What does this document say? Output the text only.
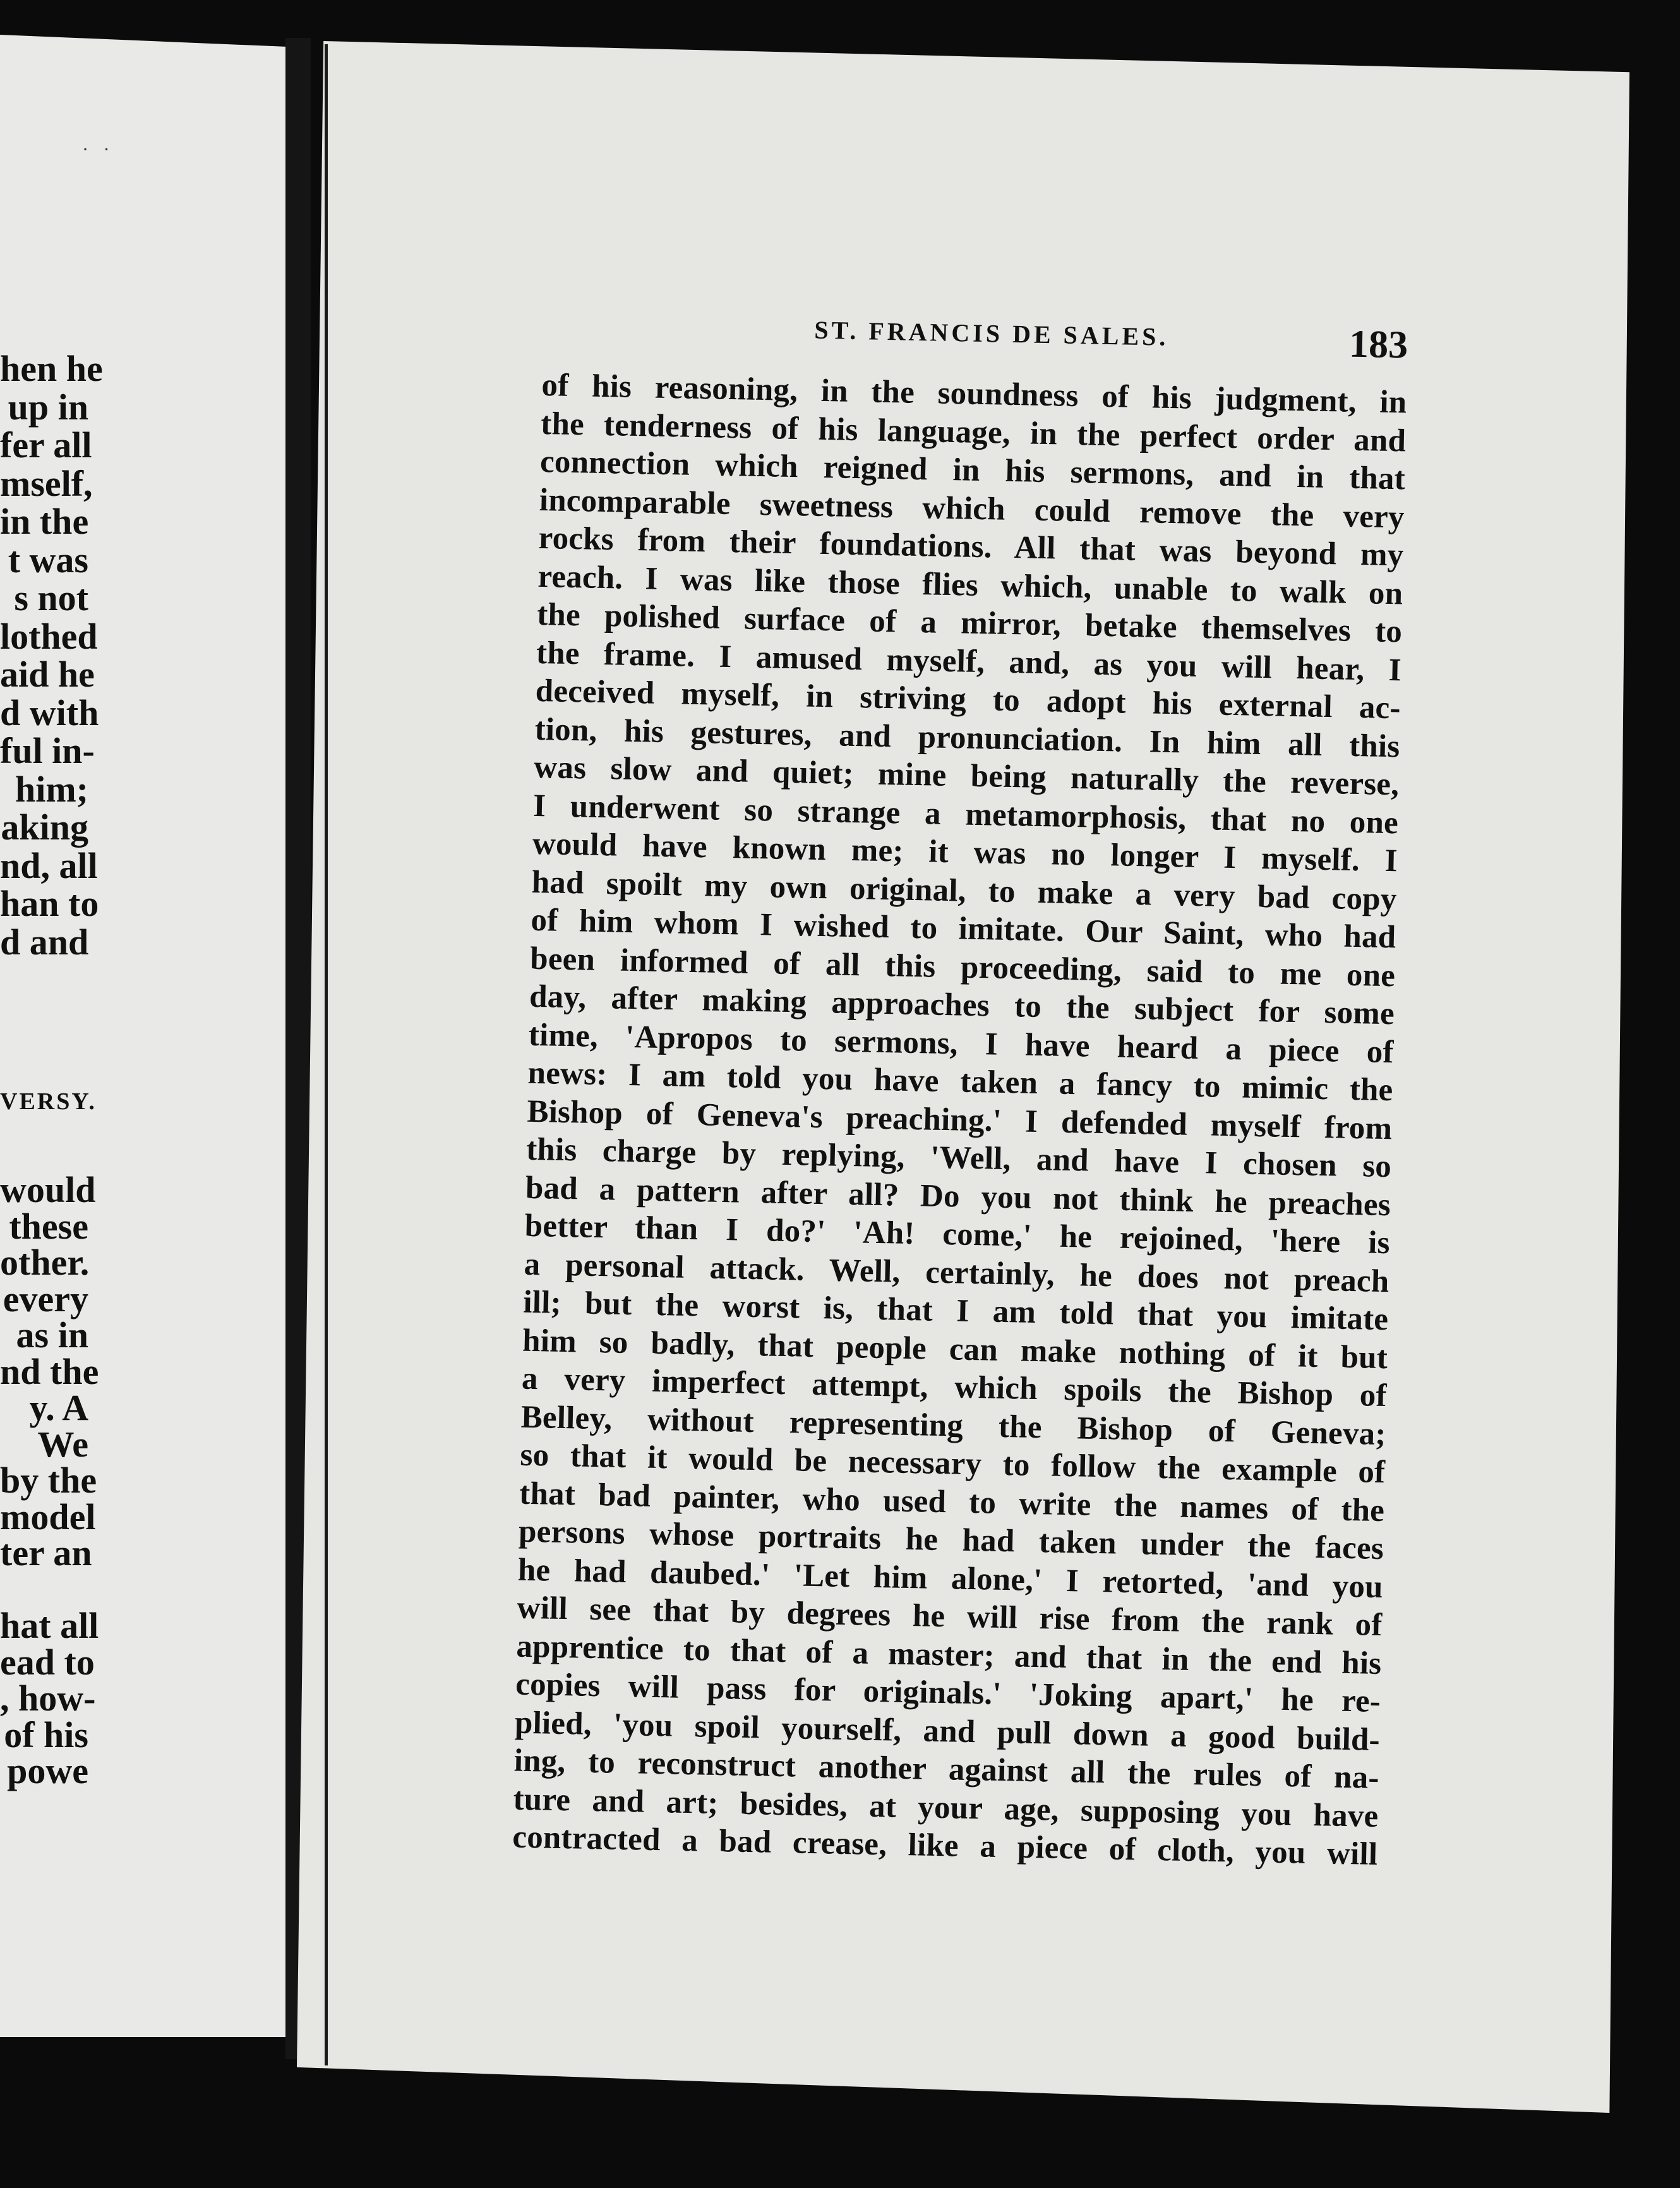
· ·
hen he
up in
fer all
mself,
in the
t was
s not
lothed
aid he
d with
ful in-
him;
aking
nd, all
han to
d and
VERSY.
would
these
other.
every
as in
nd the
y. A
We
by the
model
ter an
hat all
ead to
, how-
of his
powe
ST. FRANCIS DE SALES.	183
of his reasoning, in the soundness of his judgment, in
the tenderness of his language, in the perfect order and
connection which reigned in his sermons, and in that
incomparable sweetness which could remove the very
rocks from their foundations. All that was beyond my
reach. I was like those flies which, unable to walk on
the polished surface of a mirror, betake themselves to
the frame. I amused myself, and, as you will hear, I
deceived myself, in striving to adopt his external ac-
tion, his gestures, and pronunciation. In him all this
was slow and quiet; mine being naturally the reverse,
I underwent so strange a metamorphosis, that no one
would have known me; it was no longer I myself. I
had spoilt my own original, to make a very bad copy
of him whom I wished to imitate. Our Saint, who had
been informed of all this proceeding, said to me one
day, after making approaches to the subject for some
time, 'Apropos to sermons, I have heard a piece of
news: I am told you have taken a fancy to mimic the
Bishop of Geneva's preaching.' I defended myself from
this charge by replying, 'Well, and have I chosen so
bad a pattern after all? Do you not think he preaches
better than I do?' 'Ah! come,' he rejoined, 'here is
a personal attack. Well, certainly, he does not preach
ill; but the worst is, that I am told that you imitate
him so badly, that people can make nothing of it but
a very imperfect attempt, which spoils the Bishop of
Belley, without representing the Bishop of Geneva;
so that it would be necessary to follow the example of
that bad painter, who used to write the names of the
persons whose portraits he had taken under the faces
he had daubed.' 'Let him alone,' I retorted, 'and you
will see that by degrees he will rise from the rank of
apprentice to that of a master; and that in the end his
copies will pass for originals.' 'Joking apart,' he re-
plied, 'you spoil yourself, and pull down a good build-
ing, to reconstruct another against all the rules of na-
ture and art; besides, at your age, supposing you have
contracted a bad crease, like a piece of cloth, you will
